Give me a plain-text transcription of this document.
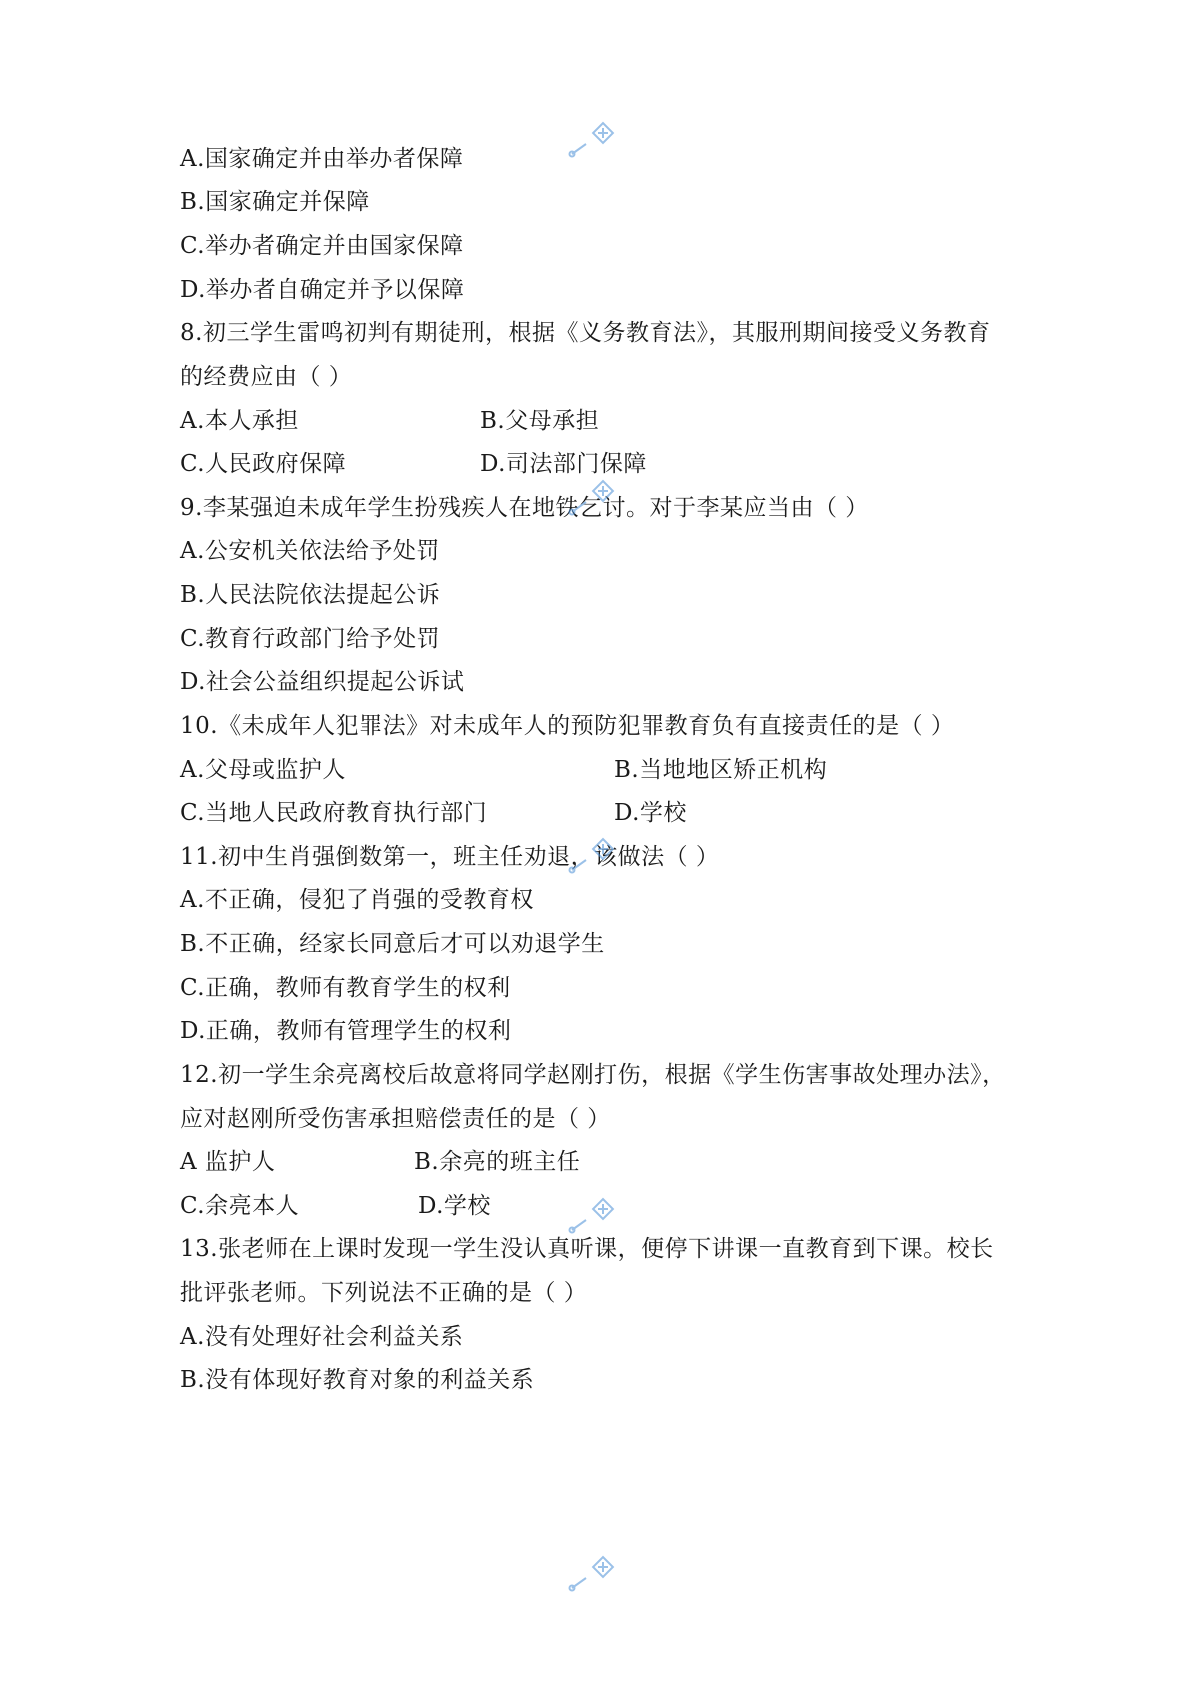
A.国家确定并由举办者保障
B.国家确定并保障
C.举办者确定并由国家保障
D.举办者自确定并予以保障
8.初三学生雷鸣初判有期徒刑，根据《义务教育法》，其服刑期间接受义务教育
的经费应由（ ）
A.本人承担	B.父母承担
C.人民政府保障	D.司法部门保障
9.李某强迫未成年学生扮残疾人在地铁乞讨。对于李某应当由（ ）
A.公安机关依法给予处罚
B.人民法院依法提起公诉
C.教育行政部门给予处罚
D.社会公益组织提起公诉试
10.《未成年人犯罪法》对未成年人的预防犯罪教育负有直接责任的是（ ）
A.父母或监护人	B.当地地区矫正机构
C.当地人民政府教育执行部门	D.学校
11.初中生肖强倒数第一，班主任劝退，该做法（ ）
A.不正确，侵犯了肖强的受教育权
B.不正确，经家长同意后才可以劝退学生
C.正确，教师有教育学生的权利
D.正确，教师有管理学生的权利
12.初一学生余亮离校后故意将同学赵刚打伤，根据《学生伤害事故处理办法》，
应对赵刚所受伤害承担赔偿责任的是（ ）
A 监护人	B.余亮的班主任
C.余亮本人	D.学校
13.张老师在上课时发现一学生没认真听课，便停下讲课一直教育到下课。校长
批评张老师。下列说法不正确的是（ ）
A.没有处理好社会利益关系
B.没有体现好教育对象的利益关系
